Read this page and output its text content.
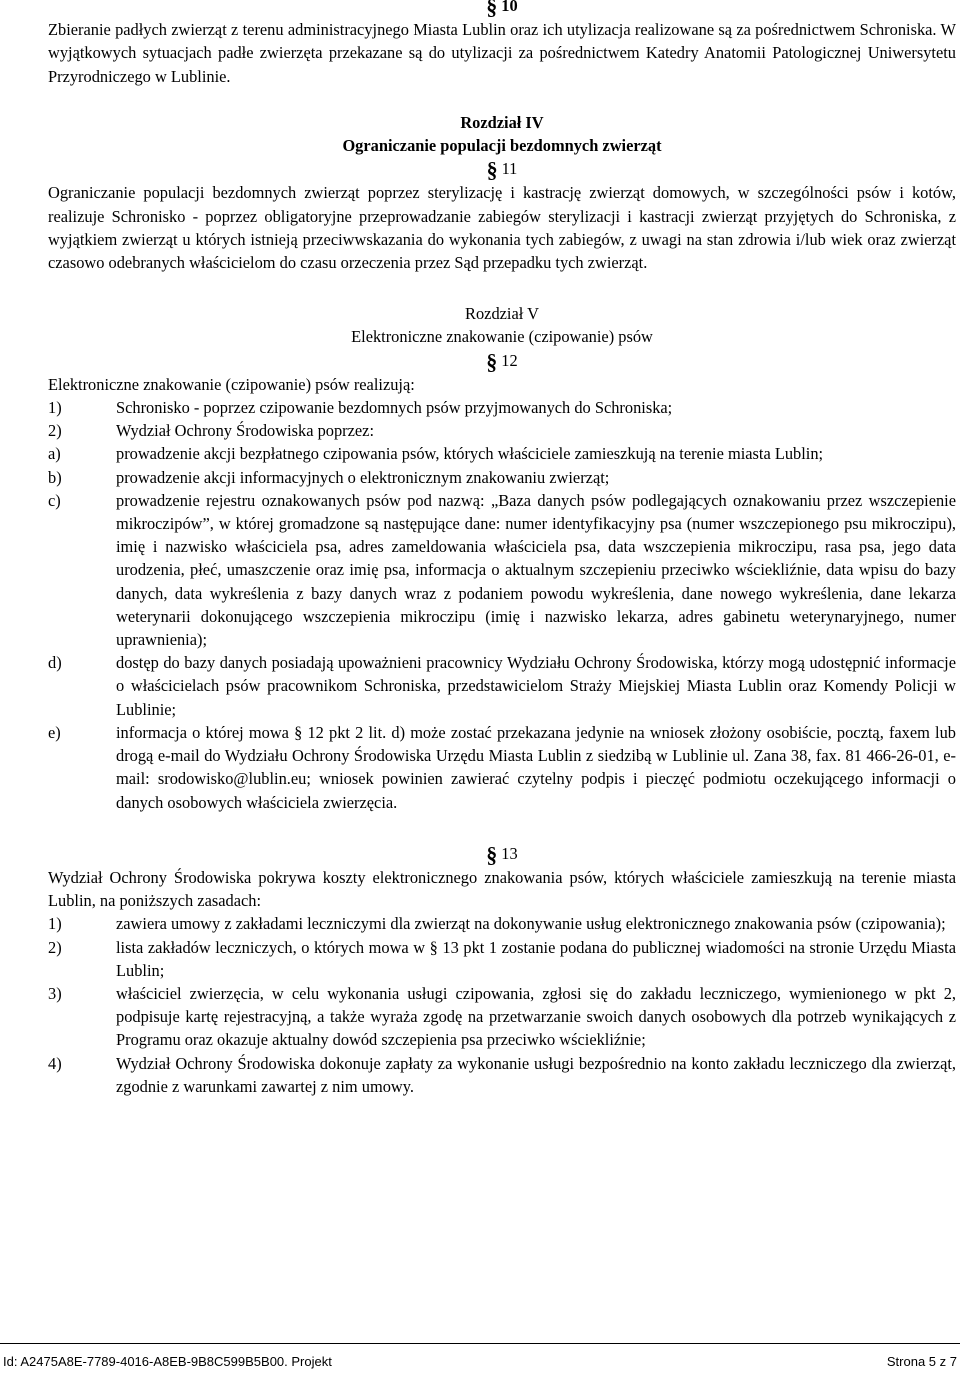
§ 10

Zbieranie padłych zwierząt z terenu administracyjnego Miasta Lublin oraz ich utylizacja realizowane są za pośrednictwem Schroniska. W wyjątkowych sytuacjach padłe zwierzęta przekazane są do utylizacji za pośrednictwem Katedry Anatomii Patologicznej Uniwersytetu Przyrodniczego w Lublinie.

Rozdział IV
Ograniczanie populacji bezdomnych zwierząt
§ 11

Ograniczanie populacji bezdomnych zwierząt poprzez sterylizację i kastrację zwierząt domowych, w szczególności psów i kotów, realizuje Schronisko - poprzez obligatoryjne przeprowadzanie zabiegów sterylizacji i kastracji zwierząt przyjętych do Schroniska, z wyjątkiem zwierząt u których istnieją przeciwwskazania do wykonania tych zabiegów, z uwagi na stan zdrowia i/lub wiek oraz zwierząt czasowo odebranych właścicielom do czasu orzeczenia przez Sąd przepadku tych zwierząt.

Rozdział V
Elektroniczne znakowanie (czipowanie) psów
§ 12

Elektroniczne znakowanie (czipowanie) psów realizują:

1)	Schronisko - poprzez czipowanie bezdomnych psów przyjmowanych do Schroniska;
2)	Wydział Ochrony Środowiska poprzez:
a)	prowadzenie akcji bezpłatnego czipowania psów, których właściciele zamieszkują na terenie miasta Lublin;
b)	prowadzenie akcji informacyjnych o elektronicznym znakowaniu zwierząt;
c)	prowadzenie rejestru oznakowanych psów pod nazwą: „Baza danych psów podlegających oznakowaniu przez wszczepienie mikroczipów”, w której gromadzone są następujące dane: numer identyfikacyjny psa (numer wszczepionego psu mikroczipu), imię i nazwisko właściciela psa, adres zameldowania właściciela psa, data wszczepienia mikroczipu, rasa psa, jego data urodzenia, płeć, umaszczenie oraz imię psa, informacja o aktualnym szczepieniu przeciwko wściekliźnie, data wpisu do bazy danych, data wykreślenia z bazy danych wraz z podaniem powodu wykreślenia, dane nowego wykreślenia, dane lekarza weterynarii dokonującego wszczepienia mikroczipu (imię i nazwisko lekarza, adres gabinetu weterynaryjnego, numer uprawnienia);
d)	dostęp do bazy danych posiadają upoważnieni pracownicy Wydziału Ochrony Środowiska, którzy mogą udostępnić informacje o właścicielach psów pracownikom Schroniska, przedstawicielom Straży Miejskiej Miasta Lublin oraz Komendy Policji w Lublinie;
e)	informacja o której mowa § 12 pkt 2 lit. d) może zostać przekazana jedynie na wniosek złożony osobiście, pocztą, faxem lub drogą e-mail do Wydziału Ochrony Środowiska Urzędu Miasta Lublin z siedzibą w Lublinie ul. Zana 38, fax. 81 466-26-01, e-mail: srodowisko@lublin.eu; wniosek powinien zawierać czytelny podpis i pieczęć podmiotu oczekującego informacji o danych osobowych właściciela zwierzęcia.
§ 13

Wydział Ochrony Środowiska pokrywa koszty elektronicznego znakowania psów, których właściciele zamieszkują na terenie miasta Lublin, na poniższych zasadach:

1)	zawiera umowy z zakładami leczniczymi dla zwierząt na dokonywanie usług elektronicznego znakowania psów (czipowania);
2)	lista zakładów leczniczych, o których mowa w § 13 pkt 1 zostanie podana do publicznej wiadomości na stronie Urzędu Miasta Lublin;
3)	właściciel zwierzęcia, w celu wykonania usługi czipowania, zgłosi się do zakładu leczniczego, wymienionego w pkt 2, podpisuje kartę rejestracyjną, a także wyraża zgodę na przetwarzanie swoich danych osobowych dla potrzeb wynikających z Programu oraz okazuje aktualny dowód szczepienia psa przeciwko wściekliźnie;
4)	Wydział Ochrony Środowiska dokonuje zapłaty za wykonanie usługi bezpośrednio na konto zakładu leczniczego dla zwierząt, zgodnie z warunkami zawartej z nim umowy.
Id: A2475A8E-7789-4016-A8EB-9B8C599B5B00. Projekt	Strona 5 z 7
